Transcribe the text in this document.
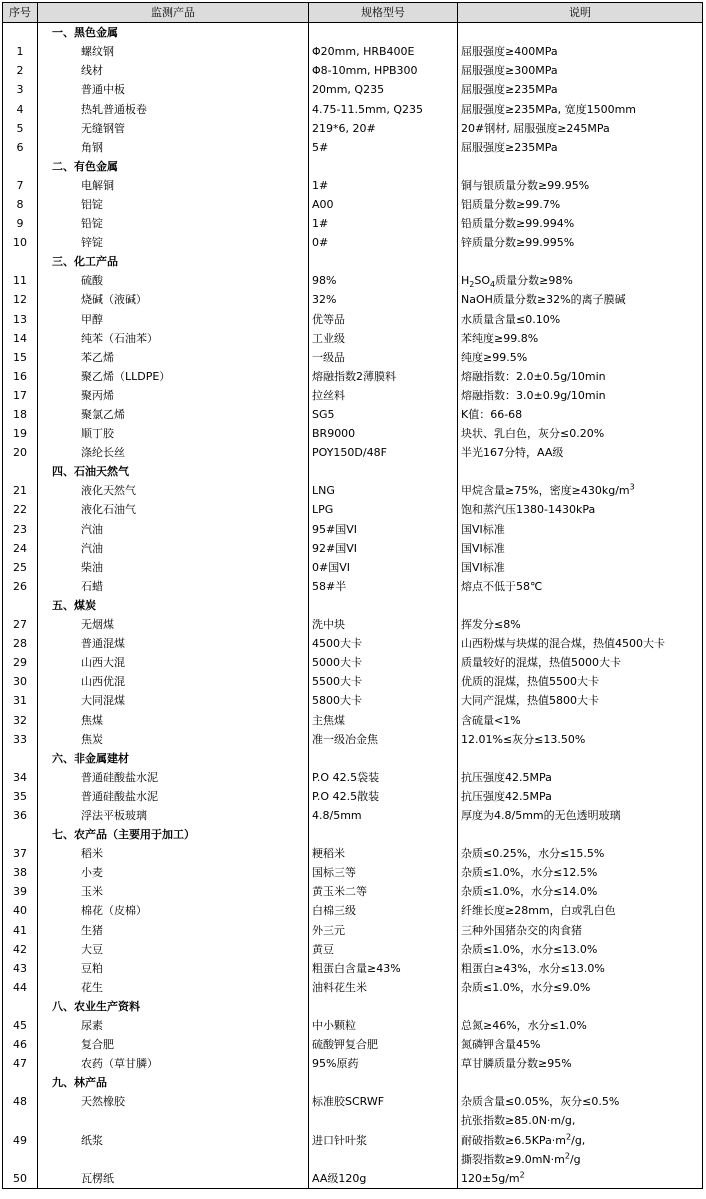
序号	监测产品	规格型号	说明
	一、黑色金属		
1	螺纹钢	Φ20mm, HRB400E	屈服强度≥400MPa
2	线材	Φ8-10mm, HPB300	屈服强度≥300MPa
3	普通中板	20mm, Q235	屈服强度≥235MPa
4	热轧普通板卷	4.75-11.5mm, Q235	屈服强度≥235MPa, 宽度1500mm
5	无缝钢管	219*6, 20#	20#钢材, 屈服强度≥245MPa
6	角钢	5#	屈服强度≥235MPa
	二、有色金属		
7	电解铜	1#	铜与银质量分数≥99.95%
8	铝锭	A00	铝质量分数≥99.7%
9	铅锭	1#	铅质量分数≥99.994%
10	锌锭	0#	锌质量分数≥99.995%
	三、化工产品		
11	硫酸	98%	$H_2SO_4$质量分数≥98%
12	烧碱（液碱）	32%	NaOH质量分数≥32%的离子膜碱
13	甲醇	优等品	水质量含量≤0.10%
14	纯苯（石油苯）	工业级	苯纯度≥99.8%
15	苯乙烯	一级品	纯度≥99.5%
16	聚乙烯（LLDPE）	熔融指数2薄膜料	熔融指数：2.0±0.5g/10min
17	聚丙烯	拉丝料	熔融指数：3.0±0.9g/10min
18	聚氯乙烯	SG5	K值：66-68
19	顺丁胶	BR9000	块状、乳白色，灰分≤0.20%
20	涤纶长丝	POY150D/48F	半光167分特，AA级
	四、石油天然气		
21	液化天然气	LNG	甲烷含量≥75%，密度$\ge 430kg/m^3$
22	液化石油气	LPG	饱和蒸汽压1380-1430kPa
23	汽油	95#国VI	国VI标准
24	汽油	92#国VI	国VI标准
25	柴油	0#国VI	国VI标准
26	石蜡	58#半	熔点不低于58℃
	五、煤炭		
27	无烟煤	洗中块	挥发分≤8%
28	普通混煤	4500大卡	山西粉煤与块煤的混合煤，热值4500大卡
29	山西大混	5000大卡	质量较好的混煤，热值5000大卡
30	山西优混	5500大卡	优质的混煤，热值5500大卡
31	大同混煤	5800大卡	大同产混煤，热值5800大卡
32	焦煤	主焦煤	含硫量<1%
33	焦炭	准一级冶金焦	12.01%≤灰分≤13.50%
	六、非金属建材		
34	普通硅酸盐水泥	P.O 42.5袋装	抗压强度42.5MPa
35	普通硅酸盐水泥	P.O 42.5散装	抗压强度42.5MPa
36	浮法平板玻璃	4.8/5mm	厚度为4.8/5mm的无色透明玻璃
	七、农产品（主要用于加工）		
37	稻米	粳稻米	杂质≤0.25%，水分≤15.5%
38	小麦	国标三等	杂质≤1.0%，水分≤12.5%
39	玉米	黄玉米二等	杂质≤1.0%，水分≤14.0%
40	棉花（皮棉）	白棉三级	纤维长度≥28mm，白或乳白色
41	生猪	外三元	三种外国猪杂交的肉食猪
42	大豆	黄豆	杂质≤1.0%，水分≤13.0%
43	豆粕	粗蛋白含量≥43%	粗蛋白≥43%，水分≤13.0%
44	花生	油料花生米	杂质≤1.0%，水分≤9.0%
	八、农业生产资料		
45	尿素	中小颗粒	总氮≥46%，水分≤1.0%
46	复合肥	硫酸钾复合肥	氮磷钾含量45%
47	农药（草甘膦）	95%原药	草甘膦质量分数≥95%
	九、林产品		
48	天然橡胶	标准胶SCRWF	杂质含量≤0.05%，灰分≤0.5%
			抗张指数≥85.0N·m/g,
49	纸浆	进口针叶浆	耐破指数$\ge 6.5KPa\cdot m^2/g$,
			撕裂指数$\ge 9.0mN\cdot m^2/g$
50	瓦楞纸	AA级120g	$120\pm 5g/m^2$
